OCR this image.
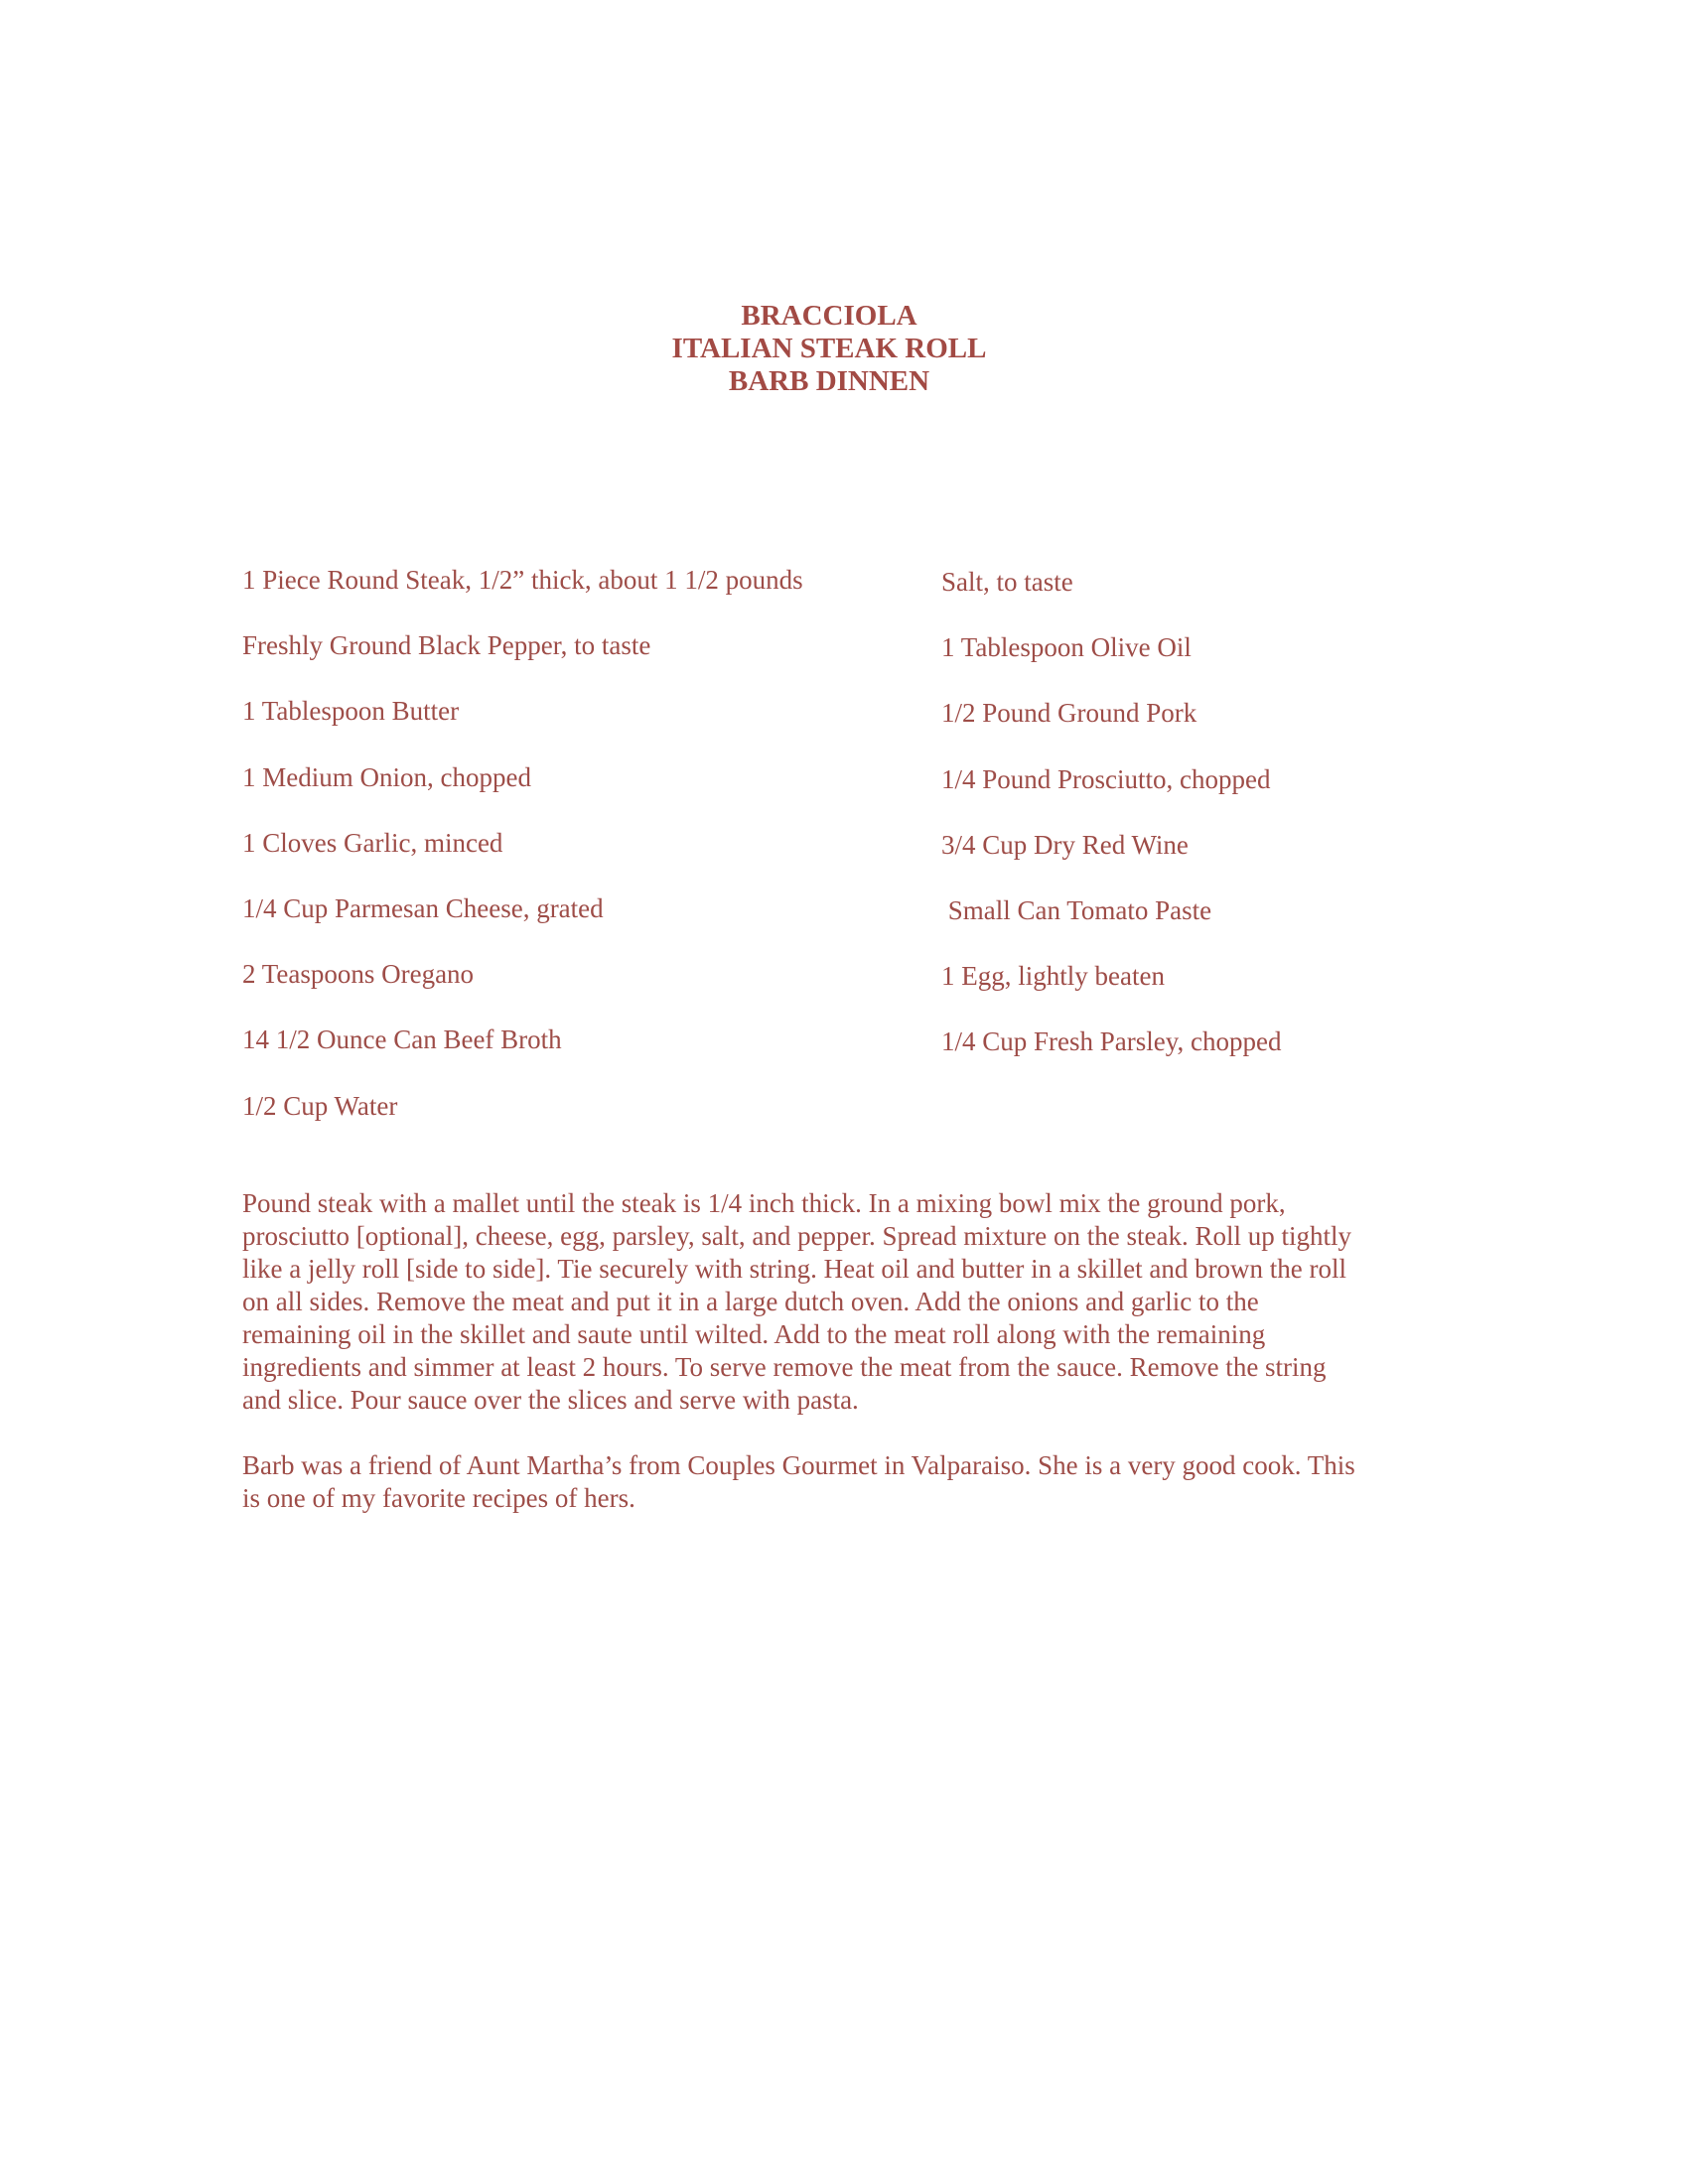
BRACCIOLA
ITALIAN STEAK ROLL
BARB DINNEN
1 Piece Round Steak, 1/2” thick, about 1 1/2 pounds
Freshly Ground Black Pepper, to taste
1 Tablespoon Butter
1 Medium Onion, chopped
1 Cloves Garlic, minced
1/4 Cup Parmesan Cheese, grated
2 Teaspoons Oregano
14 1/2 Ounce Can Beef Broth
1/2 Cup Water
Salt, to taste
1 Tablespoon Olive Oil
1/2 Pound Ground Pork
1/4 Pound Prosciutto, chopped
3/4 Cup Dry Red Wine
Small Can Tomato Paste
1 Egg, lightly beaten
1/4 Cup Fresh Parsley, chopped
Pound steak with a mallet until the steak is 1/4 inch thick. In a mixing bowl mix the ground pork,
prosciutto [optional], cheese, egg, parsley, salt, and pepper. Spread mixture on the steak. Roll up tightly
like a jelly roll [side to side]. Tie securely with string. Heat oil and butter in a skillet and brown the roll
on all sides. Remove the meat and put it in a large dutch oven. Add the onions and garlic to the
remaining oil in the skillet and saute until wilted. Add to the meat roll along with the remaining
ingredients and simmer at least 2 hours. To serve remove the meat from the sauce. Remove the string
and slice. Pour sauce over the slices and serve with pasta.
Barb was a friend of Aunt Martha’s from Couples Gourmet in Valparaiso. She is a very good cook. This
is one of my favorite recipes of hers.
